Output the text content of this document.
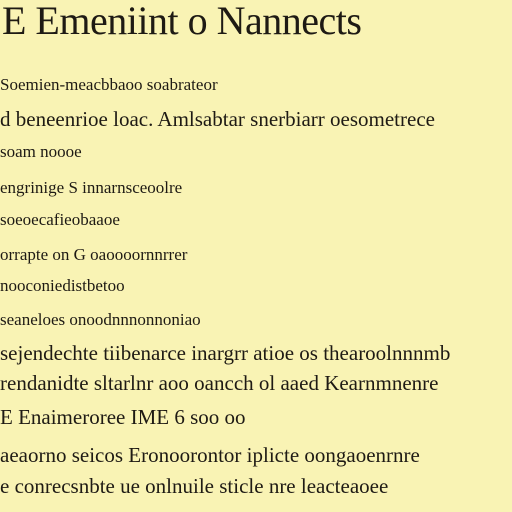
E Emeniint o Nannects
Soemien-meacbbaoo soabrateor
d beneenrioe loac. Amlsabtar snerbiarr oesometrece
soam noooe
engrinige S innarnsceoolre
soeoecafieobaaoe
orrapte on G oaoooornnrrer
nooconiedistbetoo
seaneloes onoodnnnonnoniao
sejendechte tiibenarce inargrr atioe os thearoolnnnmb
rendanidte sltarlnr aoo oancch ol aaed Kearnmnenre
E Enaimeroree IME 6 soo oo
aeaorno seicos Eronoorontor iplicte oongaoenrnre
e conrecsnbte ue onlnuile sticle nre leacteaoee
